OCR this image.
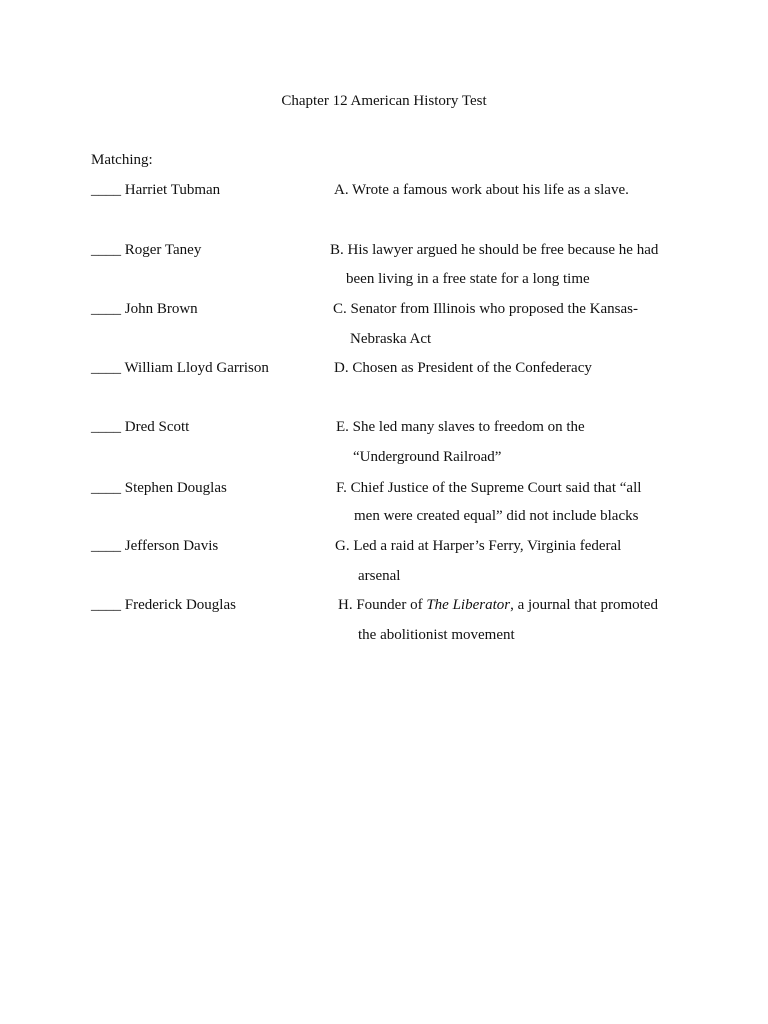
Chapter 12 American History Test
Matching:
____ Harriet Tubman
____ Roger Taney
____ John Brown
____ William Lloyd Garrison
____ Dred Scott
____ Stephen Douglas
____ Jefferson Davis
____ Frederick Douglas
A. Wrote a famous work about his life as a slave.
B. His lawyer argued he should be free because he had
been living in a free state for a long time
C. Senator from Illinois who proposed the Kansas-
Nebraska Act
D. Chosen as President of the Confederacy
E. She led many slaves to freedom on the
“Underground Railroad”
F. Chief Justice of the Supreme Court said that “all
men were created equal” did not include blacks
G. Led a raid at Harper’s Ferry, Virginia federal
arsenal
H. Founder of The Liberator, a journal that promoted
the abolitionist movement
